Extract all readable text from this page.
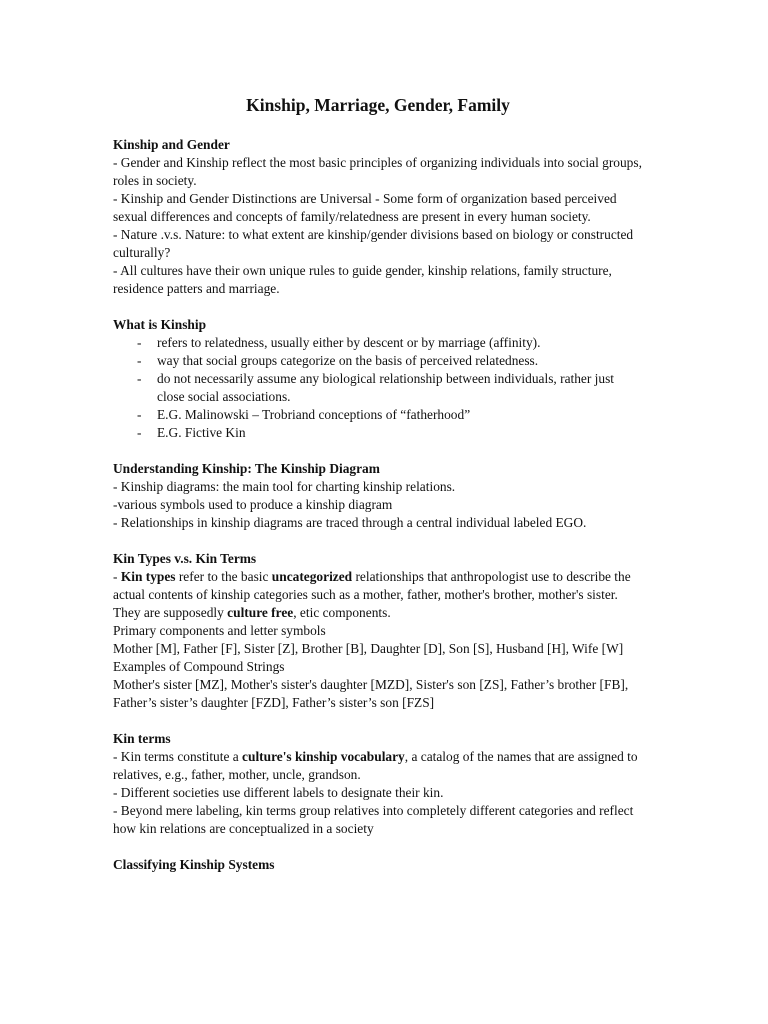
Kinship, Marriage, Gender, Family

Kinship and Gender

- Gender and Kinship reflect the most basic principles of organizing individuals into social groups, roles in society.

- Kinship and Gender Distinctions are Universal - Some form of organization based perceived sexual differences and concepts of family/relatedness are present in every human society.

- Nature .v.s. Nature: to what extent are kinship/gender divisions based on biology or constructed culturally?

- All cultures have their own unique rules to guide gender, kinship relations, family structure, residence patters and marriage.

What is Kinship

- refers to relatedness, usually either by descent or by marriage (affinity).
- way that social groups categorize on the basis of perceived relatedness.
- do not necessarily assume any biological relationship between individuals, rather just close social associations.
- E.G. Malinowski – Trobriand conceptions of “fatherhood”
- E.G. Fictive Kin

Understanding Kinship: The Kinship Diagram

- Kinship diagrams: the main tool for charting kinship relations.

-various symbols used to produce a kinship diagram

- Relationships in kinship diagrams are traced through a central individual labeled EGO.

Kin Types v.s. Kin Terms

- Kin types refer to the basic uncategorized relationships that anthropologist use to describe the actual contents of kinship categories such as a mother, father, mother's brother, mother's sister.

They are supposedly culture free, etic components.

Primary components and letter symbols

Mother [M], Father [F], Sister [Z], Brother [B], Daughter [D], Son [S], Husband [H], Wife [W]

Examples of Compound Strings

Mother's sister [MZ], Mother's sister's daughter [MZD], Sister's son [ZS], Father’s brother [FB], Father’s sister’s daughter [FZD], Father’s sister’s son [FZS]

Kin terms

- Kin terms constitute a culture's kinship vocabulary, a catalog of the names that are assigned to relatives, e.g., father, mother, uncle, grandson.

- Different societies use different labels to designate their kin.

- Beyond mere labeling, kin terms group relatives into completely different categories and reflect how kin relations are conceptualized in a society

Classifying Kinship Systems
